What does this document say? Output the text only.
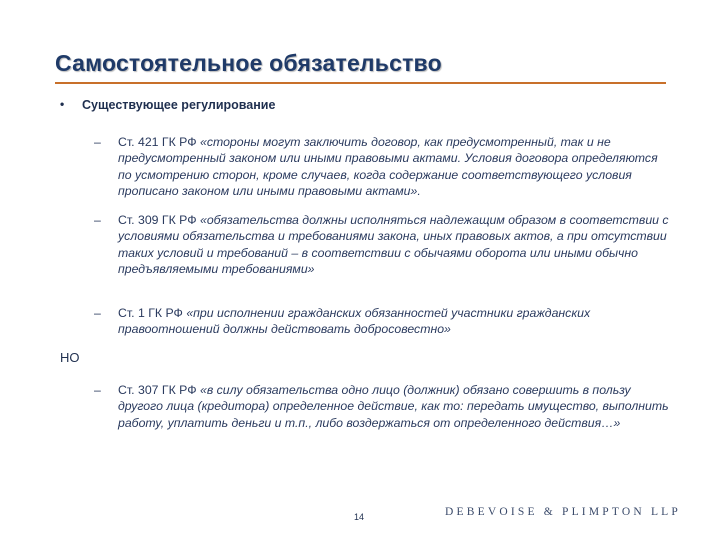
Самостоятельное обязательство
• Существующее регулирование
– Ст. 421 ГК РФ «стороны могут заключить договор, как предусмотренный, так и не предусмотренный законом или иными правовыми актами. Условия договора определяются по усмотрению сторон, кроме случаев, когда содержание соответствующего условия прописано законом или иными правовыми актами».
– Ст. 309 ГК РФ «обязательства должны исполняться надлежащим образом в соответствии с условиями обязательства и требованиями закона, иных правовых актов, а при отсутствии таких условий и требований – в соответствии с обычаями оборота или иными обычно предъявляемыми требованиями»
– Ст. 1 ГК РФ «при исполнении гражданских обязанностей участники гражданских правоотношений должны действовать добросовестно»
НО
– Ст. 307 ГК РФ «в силу обязательства одно лицо (должник) обязано совершить в пользу другого лица (кредитора) определенное действие, как то: передать имущество, выполнить работу, уплатить деньги и т.п., либо воздержаться от определенного действия…»
14	DEBEVOISE & PLIMPTON LLP
